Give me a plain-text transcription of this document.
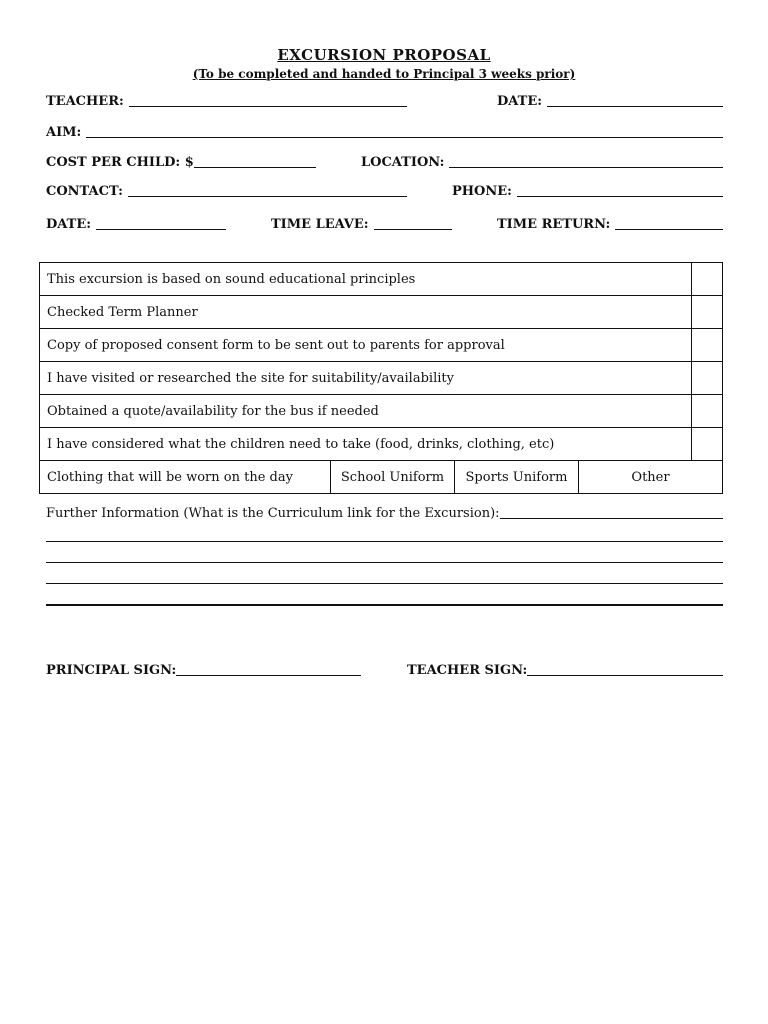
EXCURSION PROPOSAL
(To be completed and handed to Principal 3 weeks prior)
TEACHER:	DATE:
AIM:
COST PER CHILD: $	LOCATION:
CONTACT:	PHONE:
DATE:	TIME LEAVE:	TIME RETURN:
This excursion is based on sound educational principles				
Checked Term Planner				
Copy of proposed consent form to be sent out to parents for approval				
I have visited or researched the site for suitability/availability				
Obtained a quote/availability for the bus if needed				
I have considered what the children need to take (food, drinks, clothing, etc)				
Clothing that will be worn on the day	School Uniform	Sports Uniform	Other	
Further Information (What is the Curriculum link for the Excursion):
PRINCIPAL SIGN:	TEACHER SIGN:
